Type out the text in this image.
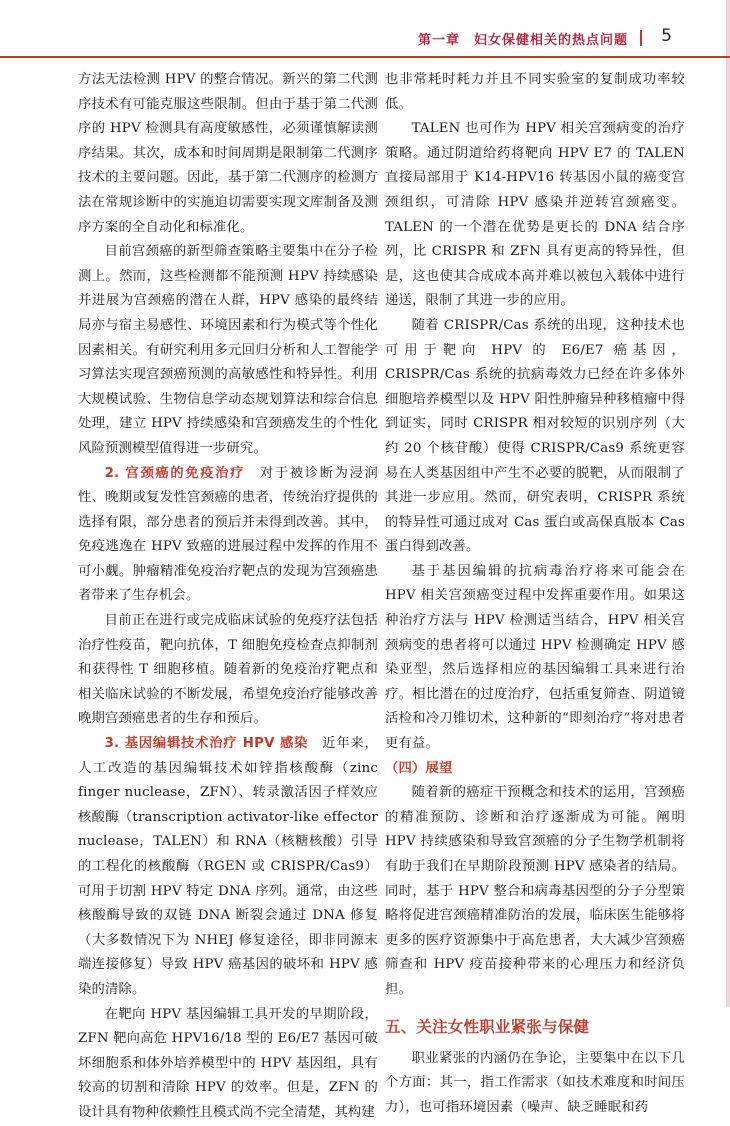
第一章　妇女保健相关的热点问题 5

方法无法检测 HPV 的整合情况。新兴的第二代测序技术有可能克服这些限制。但由于基于第二代测序的 HPV 检测具有高度敏感性，必须谨慎解读测序结果。其次，成本和时间周期是限制第二代测序技术的主要问题。因此，基于第二代测序的检测方法在常规诊断中的实施迫切需要实现文库制备及测序方案的全自动化和标准化。

目前宫颈癌的新型筛查策略主要集中在分子检测上。然而，这些检测都不能预测 HPV 持续感染并进展为宫颈癌的潜在人群，HPV 感染的最终结局亦与宿主易感性、环境因素和行为模式等个性化因素相关。有研究利用多元回归分析和人工智能学习算法实现宫颈癌预测的高敏感性和特异性。利用大规模试验、生物信息学动态规划算法和综合信息处理，建立 HPV 持续感染和宫颈癌发生的个性化风险预测模型值得进一步研究。

2. 宫颈癌的免疫治疗　 对于被诊断为浸润性、晚期或复发性宫颈癌的患者，传统治疗提供的选择有限，部分患者的预后并未得到改善。其中，免疫逃逸在 HPV 致癌的进展过程中发挥的作用不可小觑。肿瘤精准免疫治疗靶点的发现为宫颈癌患者带来了生存机会。

目前正在进行或完成临床试验的免疫疗法包括治疗性疫苗，靶向抗体，T 细胞免疫检查点抑制剂和获得性 T 细胞移植。随着新的免疫治疗靶点和相关临床试验的不断发展，希望免疫治疗能够改善晚期宫颈癌患者的生存和预后。

3. 基因编辑技术治疗 HPV 感染　 近年来，人工改造的基因编辑技术如锌指核酸酶（zinc finger nuclease，ZFN）、转录激活因子样效应核酸酶（transcription activator-like effector nuclease，TALEN）和 RNA（核糖核酸）引导的工程化的核酸酶（RGEN 或 CRISPR/Cas9）可用于切割 HPV 特定 DNA 序列。通常，由这些核酸酶导致的双链 DNA 断裂会通过 DNA 修复（大多数情况下为 NHEJ 修复途径，即非同源末端连接修复）导致 HPV 癌基因的破坏和 HPV 感染的清除。

在靶向 HPV 基因编辑工具开发的早期阶段，ZFN 靶向高危 HPV16/18 型的 E6/E7 基因可破坏细胞系和体外培养模型中的 HPV 基因组，具有较高的切割和清除 HPV 的效率。但是，ZFN 的设计具有物种依赖性且模式尚不完全清楚，其构建

也非常耗时耗力并且不同实验室的复制成功率较低。

TALEN 也可作为 HPV 相关宫颈病变的治疗策略。通过阴道给药将靶向 HPV E7 的 TALEN 直接局部用于 K14-HPV16 转基因小鼠的癌变宫颈组织，可清除 HPV 感染并逆转宫颈癌变。TALEN 的一个潜在优势是更长的 DNA 结合序列，比 CRISPR 和 ZFN 具有更高的特异性，但是，这也使其合成成本高并难以被包入载体中进行递送，限制了其进一步的应用。

随着 CRISPR/Cas 系统的出现，这种技术也可用于靶向 HPV 的 E6/E7 癌基因，CRISPR/Cas 系统的抗病毒效力已经在许多体外细胞培养模型以及 HPV 阳性肿瘤异种移植瘤中得到证实，同时 CRISPR 相对较短的识别序列（大约 20 个核苷酸）使得 CRISPR/Cas9 系统更容易在人类基因组中产生不必要的脱靶，从而限制了其进一步应用。然而，研究表明，CRISPR 系统的特异性可通过成对 Cas 蛋白或高保真版本 Cas 蛋白得到改善。

基于基因编辑的抗病毒治疗将来可能会在 HPV 相关宫颈癌变过程中发挥重要作用。如果这种治疗方法与 HPV 检测适当结合，HPV 相关宫颈病变的患者将可以通过 HPV 检测确定 HPV 感染亚型，然后选择相应的基因编辑工具来进行治疗。相比潜在的过度治疗，包括重复筛查、阴道镜活检和冷刀锥切术，这种新的“即刻治疗”将对患者更有益。

（四）展望

随着新的癌症干预概念和技术的运用，宫颈癌的精准预防、诊断和治疗逐渐成为可能。阐明 HPV 持续感染和导致宫颈癌的分子生物学机制将有助于我们在早期阶段预测 HPV 感染者的结局。同时，基于 HPV 整合和病毒基因型的分子分型策略将促进宫颈癌精准防治的发展，临床医生能够将更多的医疗资源集中于高危患者，大大减少宫颈癌筛查和 HPV 疫苗接种带来的心理压力和经济负担。

五、关注女性职业紧张与保健

职业紧张的内涵仍在争论，主要集中在以下几个方面：其一，指工作需求（如技术难度和时间压力），也可指环境因素（噪声、缺乏睡眠和药
